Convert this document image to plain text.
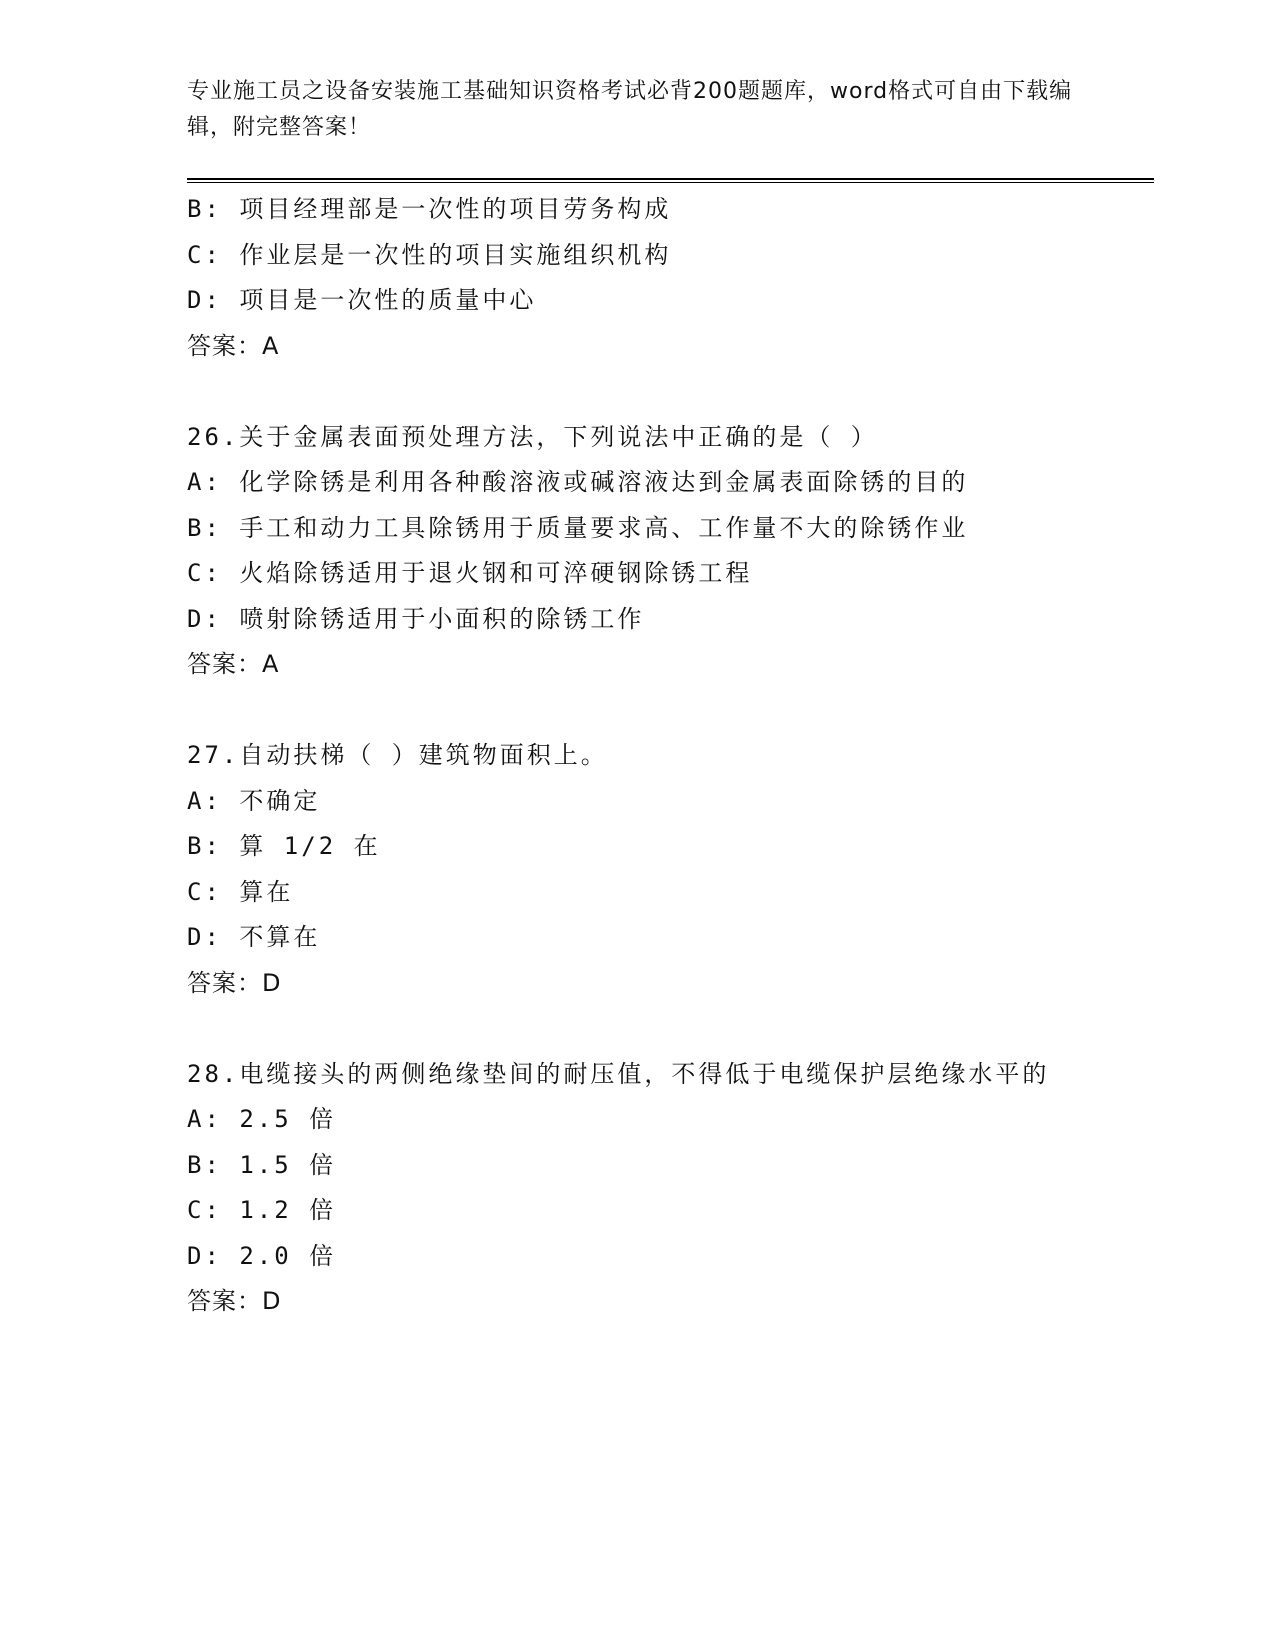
专业施工员之设备安装施工基础知识资格考试必背200题题库，word格式可自由下载编辑，附完整答案！
B: 项目经理部是一次性的项目劳务构成
C: 作业层是一次性的项目实施组织机构
D: 项目是一次性的质量中心
答案：A
26.关于金属表面预处理方法，下列说法中正确的是（ ）
A: 化学除锈是利用各种酸溶液或碱溶液达到金属表面除锈的目的
B: 手工和动力工具除锈用于质量要求高、工作量不大的除锈作业
C: 火焰除锈适用于退火钢和可淬硬钢除锈工程
D: 喷射除锈适用于小面积的除锈工作
答案：A
27.自动扶梯（ ）建筑物面积上。
A: 不确定
B: 算 1/2 在
C: 算在
D: 不算在
答案：D
28.电缆接头的两侧绝缘垫间的耐压值，不得低于电缆保护层绝缘水平的
A: 2.5 倍
B: 1.5 倍
C: 1.2 倍
D: 2.0 倍
答案：D
